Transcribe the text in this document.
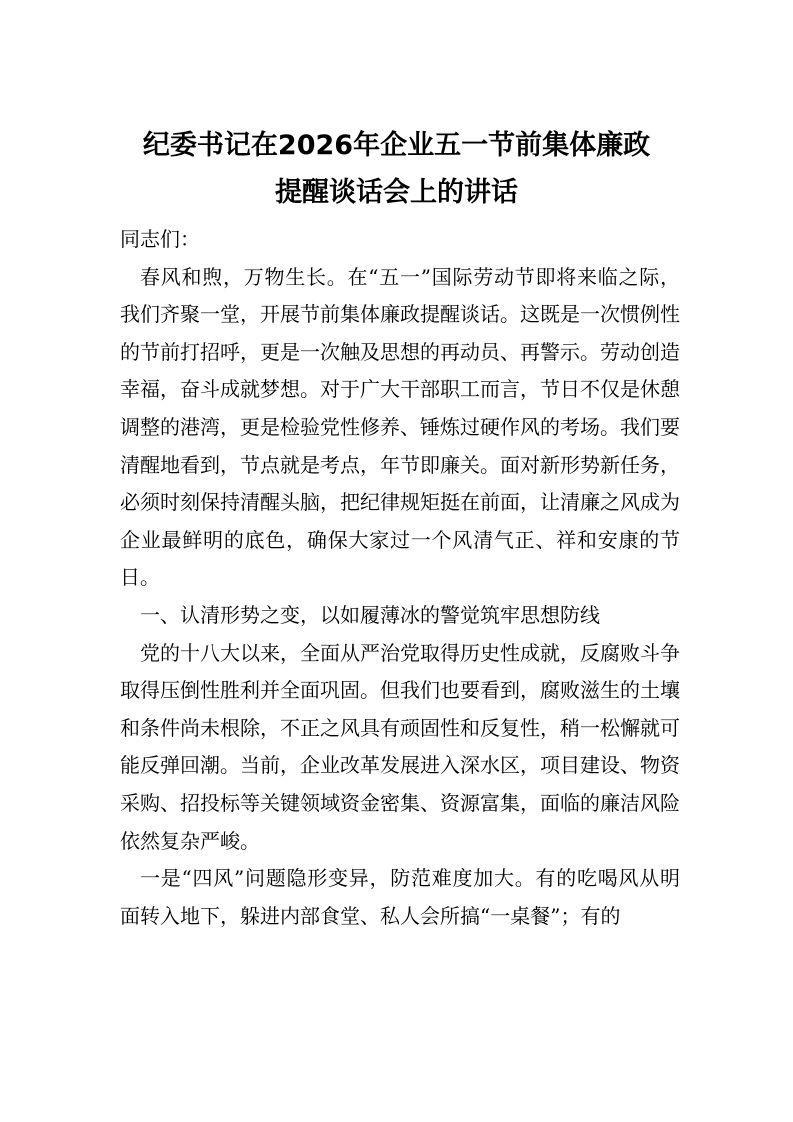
纪委书记在2026年企业五一节前集体廉政
提醒谈话会上的讲话

同志们：

春风和煦，万物生长。在“五一”国际劳动节即将来临之际，我们齐聚一堂，开展节前集体廉政提醒谈话。这既是一次惯例性的节前打招呼，更是一次触及思想的再动员、再警示。劳动创造幸福，奋斗成就梦想。对于广大干部职工而言，节日不仅是休憩调整的港湾，更是检验党性修养、锤炼过硬作风的考场。我们要清醒地看到，节点就是考点，年节即廉关。面对新形势新任务，必须时刻保持清醒头脑，把纪律规矩挺在前面，让清廉之风成为企业最鲜明的底色，确保大家过一个风清气正、祥和安康的节日。

一、认清形势之变，以如履薄冰的警觉筑牢思想防线

党的十八大以来，全面从严治党取得历史性成就，反腐败斗争取得压倒性胜利并全面巩固。但我们也要看到，腐败滋生的土壤和条件尚未根除，不正之风具有顽固性和反复性，稍一松懈就可能反弹回潮。当前，企业改革发展进入深水区，项目建设、物资采购、招投标等关键领域资金密集、资源富集，面临的廉洁风险依然复杂严峻。

一是“四风”问题隐形变异，防范难度加大。有的吃喝风从明面转入地下，躲进内部食堂、私人会所搞“一桌餐”；有的
